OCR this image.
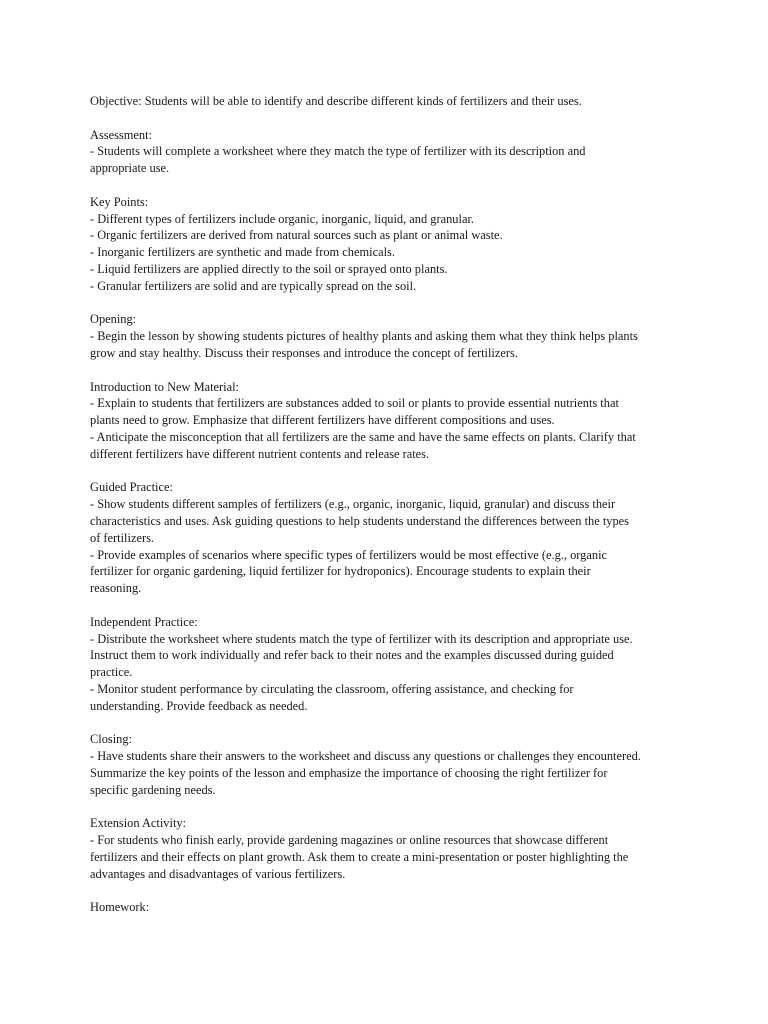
Objective: Students will be able to identify and describe different kinds of fertilizers and their uses.
Assessment:
- Students will complete a worksheet where they match the type of fertilizer with its description and
appropriate use.
Key Points:
- Different types of fertilizers include organic, inorganic, liquid, and granular.
- Organic fertilizers are derived from natural sources such as plant or animal waste.
- Inorganic fertilizers are synthetic and made from chemicals.
- Liquid fertilizers are applied directly to the soil or sprayed onto plants.
- Granular fertilizers are solid and are typically spread on the soil.
Opening:
- Begin the lesson by showing students pictures of healthy plants and asking them what they think helps plants
grow and stay healthy. Discuss their responses and introduce the concept of fertilizers.
Introduction to New Material:
- Explain to students that fertilizers are substances added to soil or plants to provide essential nutrients that
plants need to grow. Emphasize that different fertilizers have different compositions and uses.
- Anticipate the misconception that all fertilizers are the same and have the same effects on plants. Clarify that
different fertilizers have different nutrient contents and release rates.
Guided Practice:
- Show students different samples of fertilizers (e.g., organic, inorganic, liquid, granular) and discuss their
characteristics and uses. Ask guiding questions to help students understand the differences between the types
of fertilizers.
- Provide examples of scenarios where specific types of fertilizers would be most effective (e.g., organic
fertilizer for organic gardening, liquid fertilizer for hydroponics). Encourage students to explain their
reasoning.
Independent Practice:
- Distribute the worksheet where students match the type of fertilizer with its description and appropriate use.
Instruct them to work individually and refer back to their notes and the examples discussed during guided
practice.
- Monitor student performance by circulating the classroom, offering assistance, and checking for
understanding. Provide feedback as needed.
Closing:
- Have students share their answers to the worksheet and discuss any questions or challenges they encountered.
Summarize the key points of the lesson and emphasize the importance of choosing the right fertilizer for
specific gardening needs.
Extension Activity:
- For students who finish early, provide gardening magazines or online resources that showcase different
fertilizers and their effects on plant growth. Ask them to create a mini-presentation or poster highlighting the
advantages and disadvantages of various fertilizers.
Homework:
